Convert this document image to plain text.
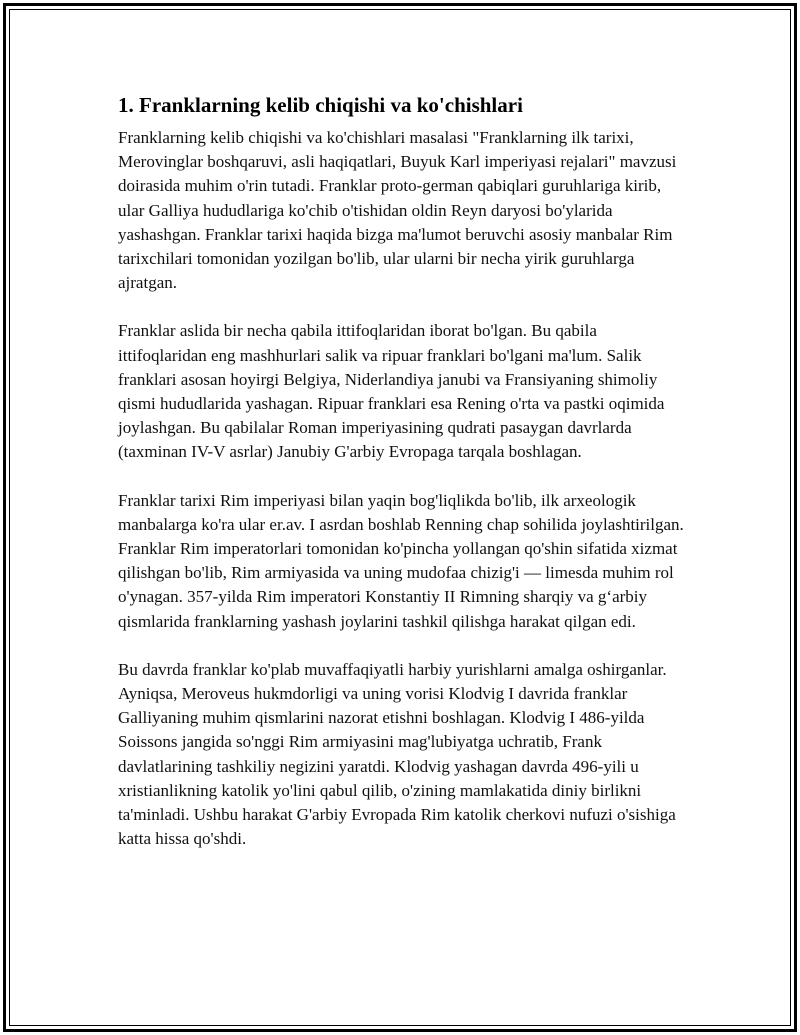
1. Franklarning kelib chiqishi va ko'chishlari

Franklarning kelib chiqishi va ko'chishlari masalasi "Franklarning ilk tarixi, Merovinglar boshqaruvi, asli haqiqatlari, Buyuk Karl imperiyasi rejalari" mavzusi doirasida muhim o'rin tutadi. Franklar proto-german qabiqlari guruhlariga kirib, ular Galliya hududlariga ko'chib o'tishidan oldin Reyn daryosi bo'ylarida yashashgan. Franklar tarixi haqida bizga ma'lumot beruvchi asosiy manbalar Rim tarixchilari tomonidan yozilgan bo'lib, ular ularni bir necha yirik guruhlarga ajratgan.

Franklar aslida bir necha qabila ittifoqlaridan iborat bo'lgan. Bu qabila ittifoqlaridan eng mashhurlari salik va ripuar franklari bo'lgani ma'lum. Salik franklari asosan hoyirgi Belgiya, Niderlandiya janubi va Fransiyaning shimoliy qismi hududlarida yashagan. Ripuar franklari esa Rening o'rta va pastki oqimida joylashgan. Bu qabilalar Roman imperiyasining qudrati pasaygan davrlarda (taxminan IV-V asrlar) Janubiy G'arbiy Evropaga tarqala boshlagan.

Franklar tarixi Rim imperiyasi bilan yaqin bog'liqlikda bo'lib, ilk arxeologik manbalarga ko'ra ular er.av. I asrdan boshlab Renning chap sohilida joylashtirilgan. Franklar Rim imperatorlari tomonidan ko'pincha yollangan qo'shin sifatida xizmat qilishgan bo'lib, Rim armiyasida va uning mudofaa chizig'i — limesda muhim rol o'ynagan. 357-yilda Rim imperatori Konstantiy II Rimning sharqiy va g‘arbiy qismlarida franklarning yashash joylarini tashkil qilishga harakat qilgan edi.

Bu davrda franklar ko'plab muvaffaqiyatli harbiy yurishlarni amalga oshirganlar. Ayniqsa, Meroveus hukmdorligi va uning vorisi Klodvig I davrida franklar Galliyaning muhim qismlarini nazorat etishni boshlagan. Klodvig I 486-yilda Soissons jangida so'nggi Rim armiyasini mag'lubiyatga uchratib, Frank davlatlarining tashkiliy negizini yaratdi. Klodvig yashagan davrda 496-yili u xristianlikning katolik yo'lini qabul qilib, o'zining mamlakatida diniy birlikni ta'minladi. Ushbu harakat G'arbiy Evropada Rim katolik cherkovi nufuzi o'sishiga katta hissa qo'shdi.
